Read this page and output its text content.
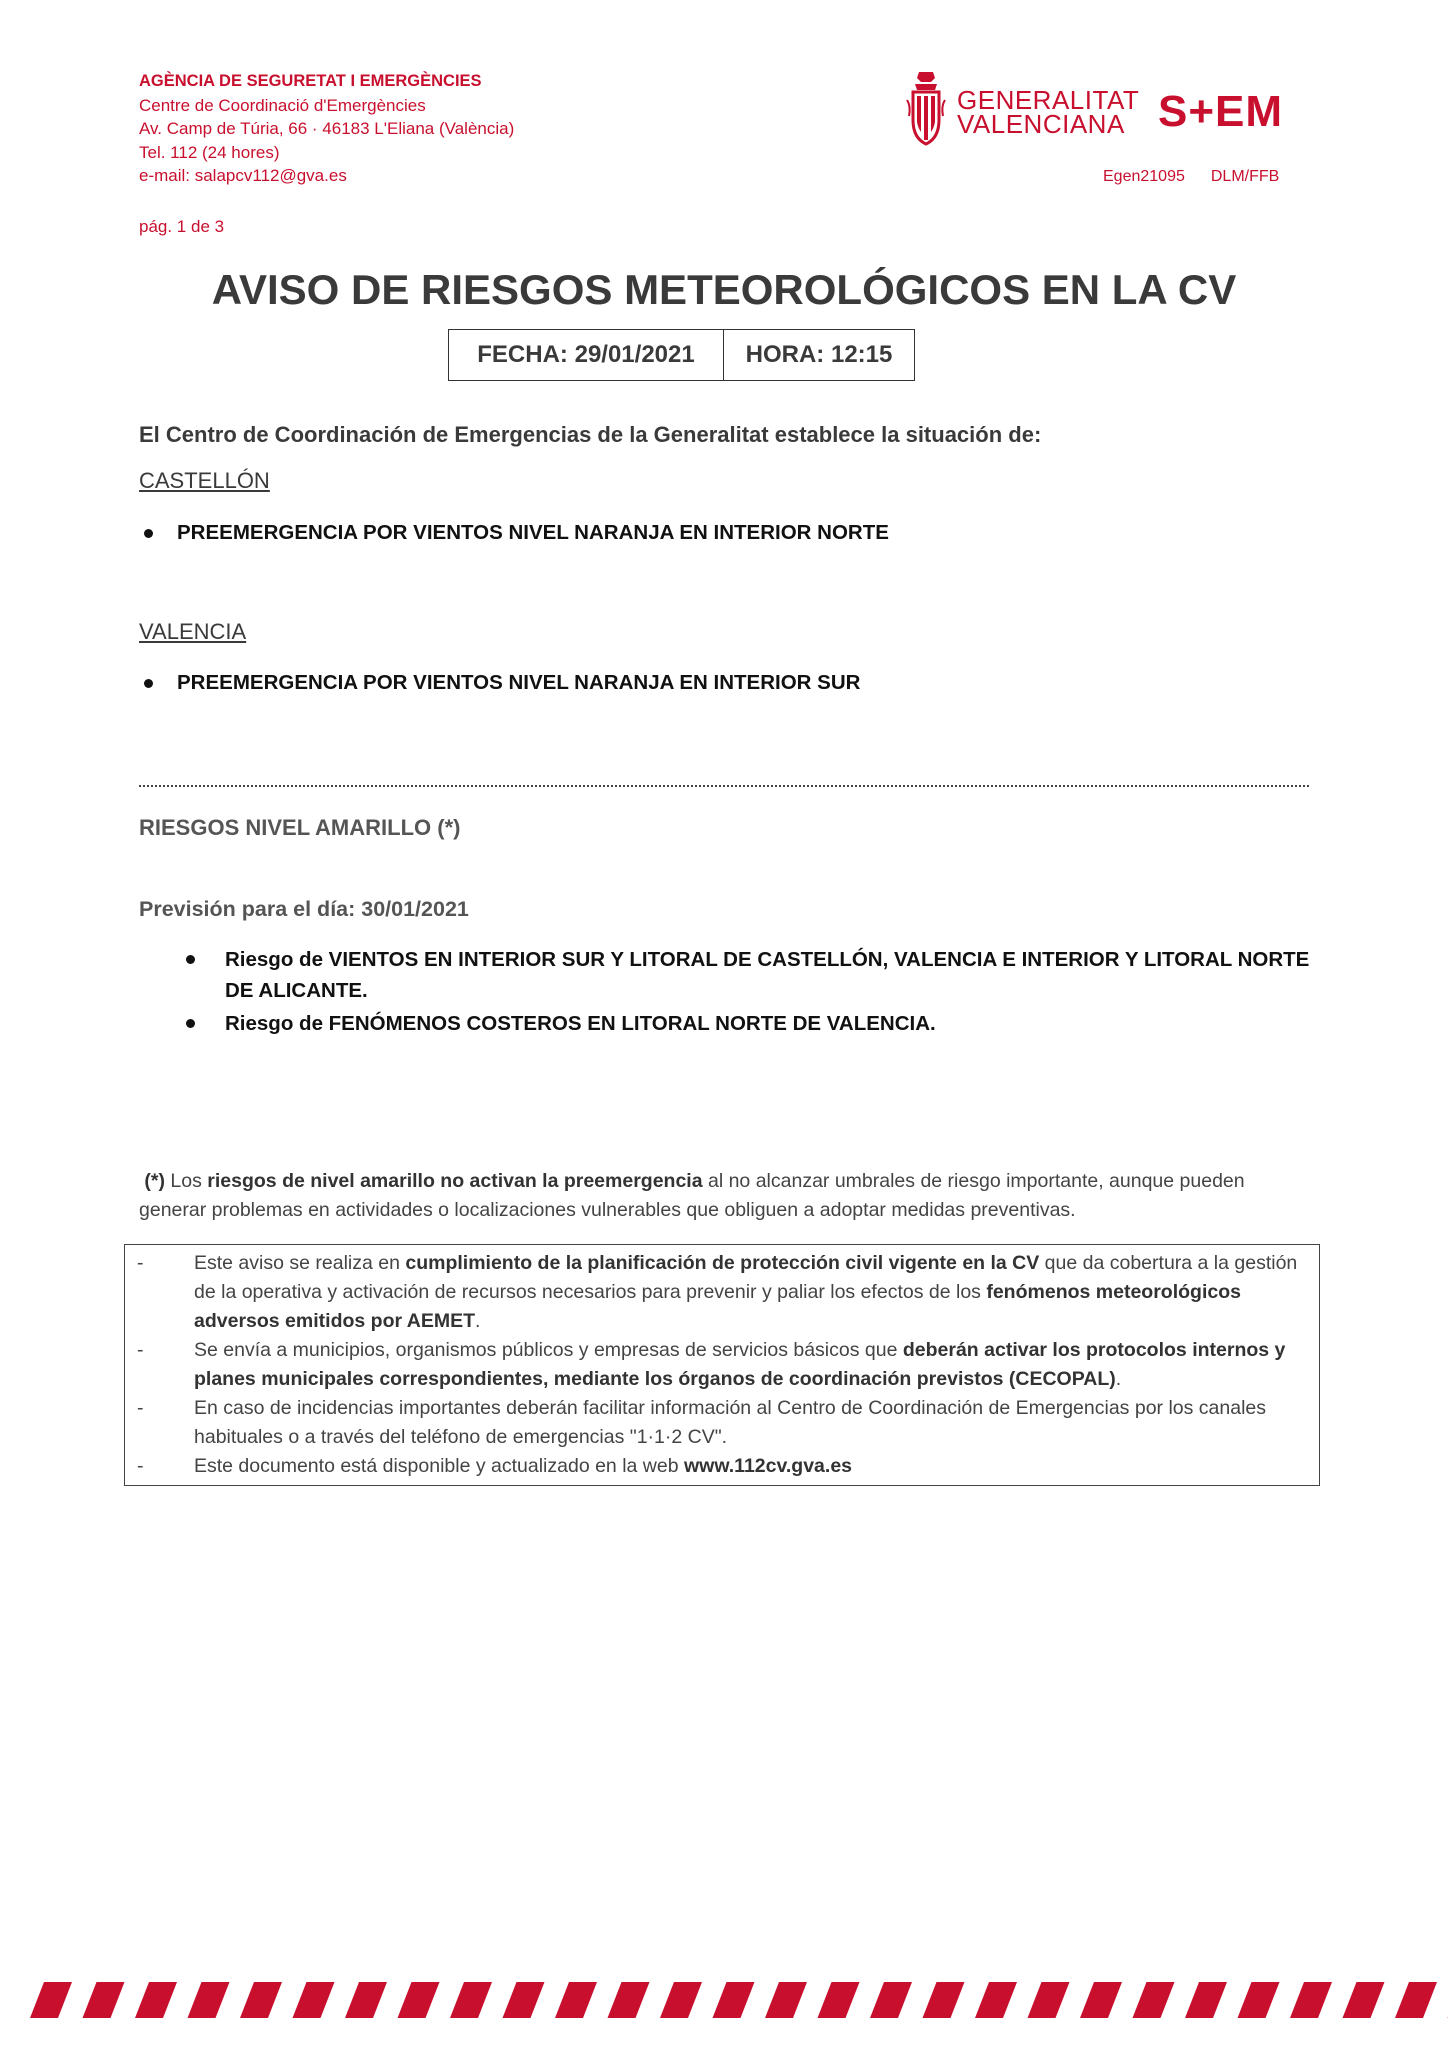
AGÈNCIA DE SEGURETAT I EMERGÈNCIES
Centre de Coordinació d'Emergències
Av. Camp de Túria, 66 · 46183 L'Eliana (València)
Tel. 112 (24 hores)
e-mail: salapcv112@gva.es
pág. 1 de 3
GENERALITAT
VALENCIANA S+EM
Egen21095 DLM/FFB
AVISO DE RIESGOS METEOROLÓGICOS EN LA CV
FECHA: 29/01/2021	HORA: 12:15
El Centro de Coordinación de Emergencias de la Generalitat establece la situación de:
CASTELLÓN
PREEMERGENCIA POR VIENTOS NIVEL NARANJA EN INTERIOR NORTE
VALENCIA
PREEMERGENCIA POR VIENTOS NIVEL NARANJA EN INTERIOR SUR
RIESGOS NIVEL AMARILLO (*)
Previsión para el día: 30/01/2021
Riesgo de VIENTOS EN INTERIOR SUR Y LITORAL DE CASTELLÓN, VALENCIA E INTERIOR Y LITORAL NORTE DE ALICANTE.
Riesgo de FENÓMENOS COSTEROS EN LITORAL NORTE DE VALENCIA.
(*) Los riesgos de nivel amarillo no activan la preemergencia al no alcanzar umbrales de riesgo importante, aunque pueden generar problemas en actividades o localizaciones vulnerables que obliguen a adoptar medidas preventivas.
-	Este aviso se realiza en cumplimiento de la planificación de protección civil vigente en la CV que da cobertura a la gestión de la operativa y activación de recursos necesarios para prevenir y paliar los efectos de los fenómenos meteorológicos adversos emitidos por AEMET.
-	Se envía a municipios, organismos públicos y empresas de servicios básicos que deberán activar los protocolos internos y planes municipales correspondientes, mediante los órganos de coordinación previstos (CECOPAL).
-	En caso de incidencias importantes deberán facilitar información al Centro de Coordinación de Emergencias por los canales habituales o a través del teléfono de emergencias "1·1·2 CV".
-	Este documento está disponible y actualizado en la web www.112cv.gva.es
